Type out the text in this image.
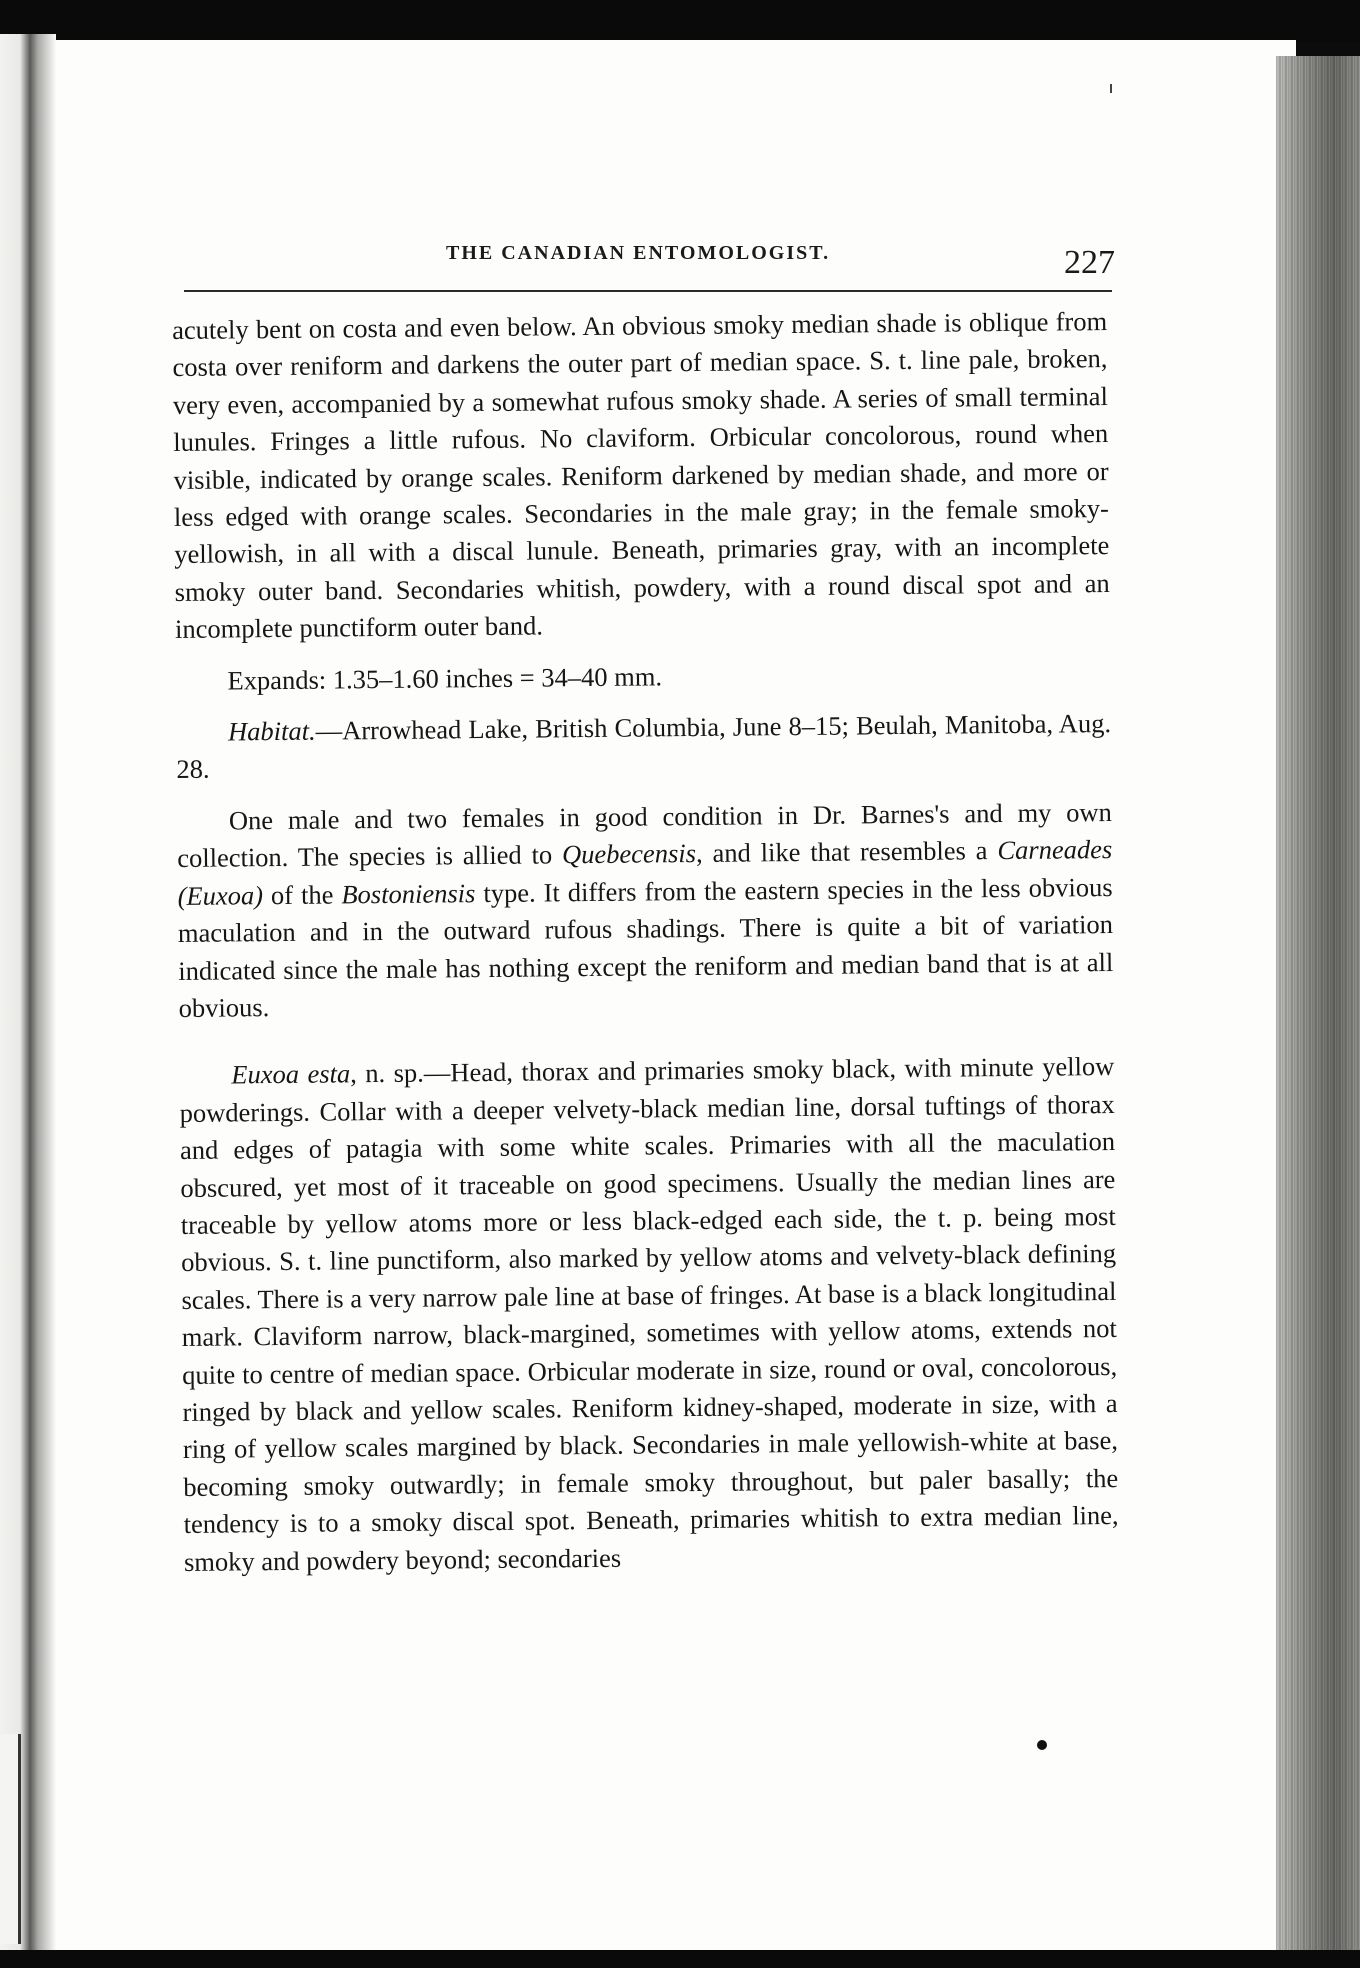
THE CANADIAN ENTOMOLOGIST.	227

acutely bent on costa and even below. An obvious smoky median shade is oblique from costa over reniform and darkens the outer part of median space. S. t. line pale, broken, very even, accompanied by a somewhat rufous smoky shade. A series of small terminal lunules. Fringes a little rufous. No claviform. Orbicular concolorous, round when visible, indicated by orange scales. Reniform darkened by median shade, and more or less edged with orange scales. Secondaries in the male gray; in the female smoky-yellowish, in all with a discal lunule. Beneath, primaries gray, with an incomplete smoky outer band. Secondaries whitish, powdery, with a round discal spot and an incomplete punctiform outer band.

Expands: 1.35–1.60 inches = 34–40 mm.

Habitat.—Arrowhead Lake, British Columbia, June 8–15; Beulah, Manitoba, Aug. 28.

One male and two females in good condition in Dr. Barnes's and my own collection. The species is allied to Quebecensis, and like that resembles a Carneades (Euxoa) of the Bostoniensis type. It differs from the eastern species in the less obvious maculation and in the outward rufous shadings. There is quite a bit of variation indicated since the male has nothing except the reniform and median band that is at all obvious.

Euxoa esta, n. sp.—Head, thorax and primaries smoky black, with minute yellow powderings. Collar with a deeper velvety-black median line, dorsal tuftings of thorax and edges of patagia with some white scales. Primaries with all the maculation obscured, yet most of it traceable on good specimens. Usually the median lines are traceable by yellow atoms more or less black-edged each side, the t. p. being most obvious. S. t. line punctiform, also marked by yellow atoms and velvety-black defining scales. There is a very narrow pale line at base of fringes. At base is a black longitudinal mark. Claviform narrow, black-margined, sometimes with yellow atoms, extends not quite to centre of median space. Orbicular moderate in size, round or oval, concolorous, ringed by black and yellow scales. Reniform kidney-shaped, moderate in size, with a ring of yellow scales margined by black. Secondaries in male yellowish-white at base, becoming smoky outwardly; in female smoky throughout, but paler basally; the tendency is to a smoky discal spot. Beneath, primaries whitish to extra median line, smoky and powdery beyond; secondaries
